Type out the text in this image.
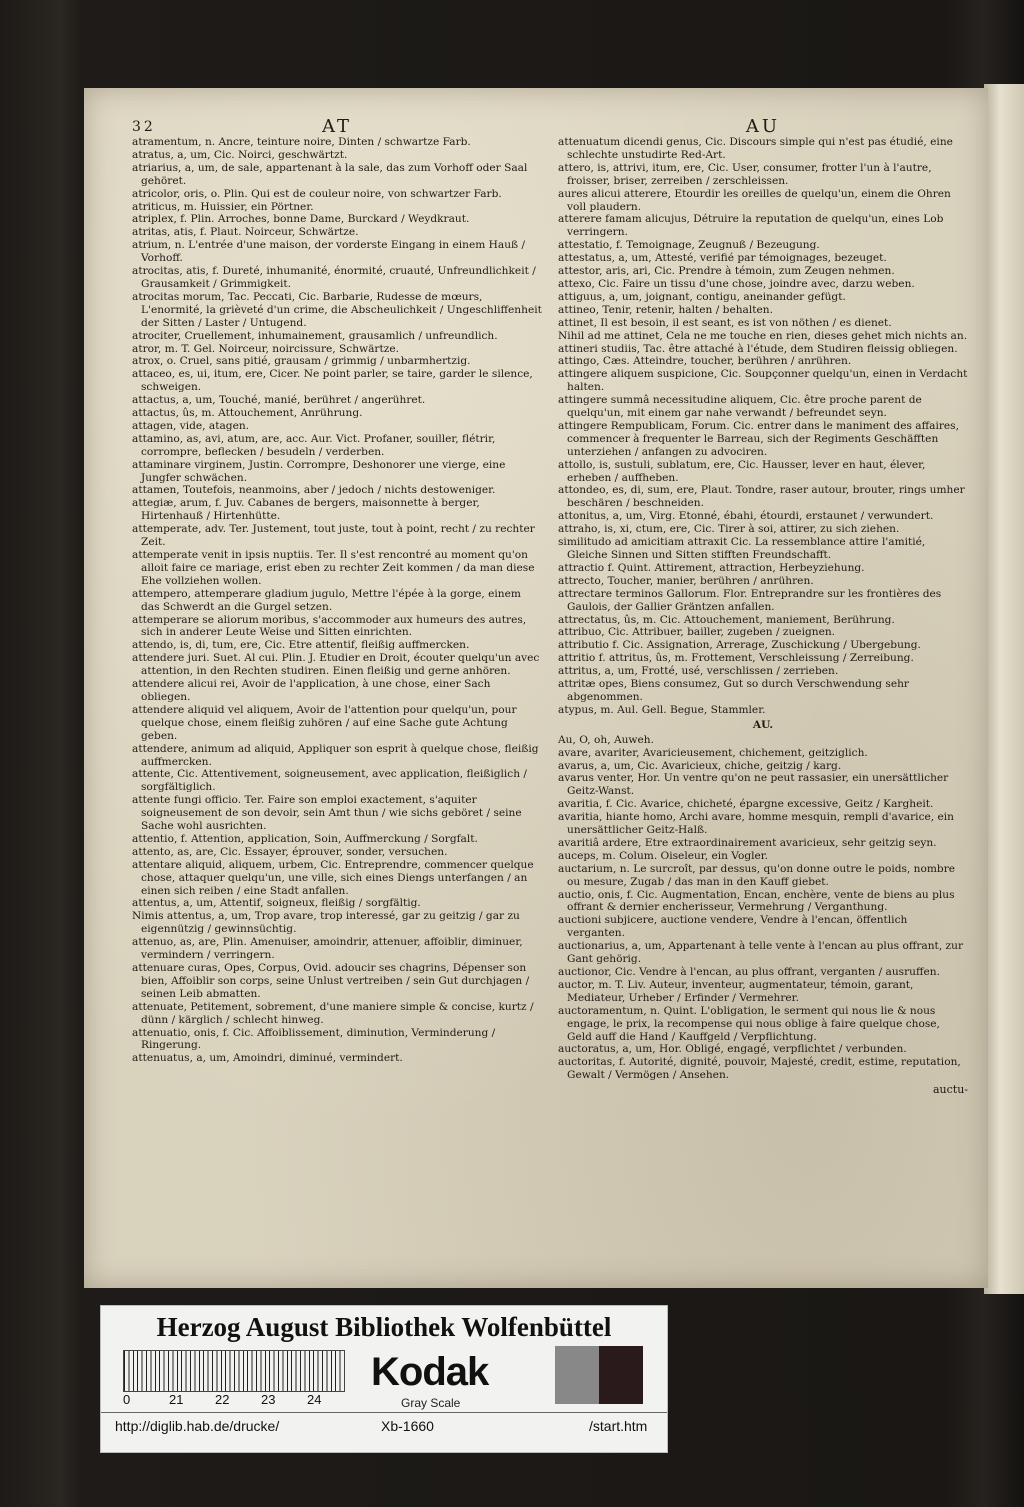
32	AT

atramentum, n. Ancre, teinture noire, Dinten / schwartze Farb.

atratus, a, um, Cic. Noirci, geschwärtzt.

atriarius, a, um, de sale, appartenant à la sale, das zum Vorhoff oder Saal gehöret.

atricolor, oris, o. Plin. Qui est de couleur noire, von schwartzer Farb.

atriticus, m. Huissier, ein Pörtner.

atriplex, f. Plin. Arroches, bonne Dame, Burckard / Weydkraut.

atritas, atis, f. Plaut. Noirceur, Schwärtze.

atrium, n. L'entrée d'une maison, der vorderste Eingang in einem Hauß / Vorhoff.

atrocitas, atis, f. Dureté, inhumanité, énormité, cruauté, Unfreundlichkeit / Grausamkeit / Grimmigkeit.

atrocitas morum, Tac. Peccati, Cic. Barbarie, Rudesse de mœurs, L'enormité, la grièveté d'un crime, die Abscheulichkeit / Ungeschliffenheit der Sitten / Laster / Untugend.

atrociter, Cruellement, inhumainement, grausamlich / unfreundlich.

atror, m. T. Gel. Noirceur, noircissure, Schwärtze.

atrox, o. Cruel, sans pitié, grausam / grimmig / unbarmhertzig.

attaceo, es, ui, itum, ere, Cicer. Ne point parler, se taire, garder le silence, schweigen.

attactus, a, um, Touché, manié, berühret / angerühret.

attactus, ûs, m. Attouchement, Anrührung.

attagen, vide, atagen.

attamino, as, avi, atum, are, acc. Aur. Vict. Profaner, souiller, flétrir, corrompre, beflecken / besudeln / verderben.

attaminare virginem, Justin. Corrompre, Deshonorer une vierge, eine Jungfer schwächen.

attamen, Toutefois, neanmoins, aber / jedoch / nichts destoweniger.

attegiæ, arum, f. Juv. Cabanes de bergers, maisonnette à berger, Hirtenhauß / Hirtenhütte.

attemperate, adv. Ter. Justement, tout juste, tout à point, recht / zu rechter Zeit.

attemperate venit in ipsis nuptiis. Ter. Il s'est rencontré au moment qu'on alloit faire ce mariage, erist eben zu rechter Zeit kommen / da man diese Ehe vollziehen wollen.

attempero, attemperare gladium jugulo, Mettre l'épée à la gorge, einem das Schwerdt an die Gurgel setzen.

attemperare se aliorum moribus, s'accommoder aux humeurs des autres, sich in anderer Leute Weise und Sitten einrichten.

attendo, is, di, tum, ere, Cic. Etre attentif, fleißig auffmercken.

attendere juri. Suet. Al cui. Plin. J. Etudier en Droit, écouter quelqu'un avec attention, in den Rechten studiren. Einen fleißig und gerne anhören.

attendere alicui rei, Avoir de l'application, à une chose, einer Sach obliegen.

attendere aliquid vel aliquem, Avoir de l'attention pour quelqu'un, pour quelque chose, einem fleißig zuhören / auf eine Sache gute Achtung geben.

attendere, animum ad aliquid, Appliquer son esprit à quelque chose, fleißig auffmercken.

attente, Cic. Attentivement, soigneusement, avec application, fleißiglich / sorgfältiglich.

attente fungi officio. Ter. Faire son emploi exactement, s'aquiter soigneusement de son devoir, sein Amt thun / wie sichs geböret / seine Sache wohl ausrichten.

attentio, f. Attention, application, Soin, Auffmerckung / Sorgfalt.

attento, as, are, Cic. Essayer, éprouver, sonder, versuchen.

attentare aliquid, aliquem, urbem, Cic. Entreprendre, commencer quelque chose, attaquer quelqu'un, une ville, sich eines Diengs unterfangen / an einen sich reiben / eine Stadt anfallen.

attentus, a, um, Attentif, soigneux, fleißig / sorgfältig.

Nimis attentus, a, um, Trop avare, trop interessé, gar zu geitzig / gar zu eigennützig / gewinnsüchtig.

attenuo, as, are, Plin. Amenuiser, amoindrir, attenuer, affoiblir, diminuer, vermindern / verringern.

attenuare curas, Opes, Corpus, Ovid. adoucir ses chagrins, Dépenser son bien, Affoiblir son corps, seine Unlust vertreiben / sein Gut durchjagen / seinen Leib abmatten.

attenuate, Petitement, sobrement, d'une maniere simple & concise, kurtz / dünn / kärglich / schlecht hinweg.

attenuatio, onis, f. Cic. Affoiblissement, diminution, Verminderung / Ringerung.

attenuatus, a, um, Amoindri, diminué, vermindert.

AU

attenuatum dicendi genus, Cic. Discours simple qui n'est pas étudié, eine schlechte unstudirte Red-Art.

attero, is, attrivi, itum, ere, Cic. User, consumer, frotter l'un à l'autre, froisser, briser, zerreiben / zerschleissen.

aures alicui atterere, Etourdir les oreilles de quelqu'un, einem die Ohren voll plaudern.

atterere famam alicujus, Détruire la reputation de quelqu'un, eines Lob verringern.

attestatio, f. Temoignage, Zeugnuß / Bezeugung.

attestatus, a, um, Attesté, verifié par témoignages, bezeuget.

attestor, aris, ari, Cic. Prendre à témoin, zum Zeugen nehmen.

attexo, Cic. Faire un tissu d'une chose, joindre avec, darzu weben.

attiguus, a, um, joignant, contigu, aneinander gefügt.

attineo, Tenir, retenir, halten / behalten.

attinet, Il est besoin, il est seant, es ist von nöthen / es dienet.

Nihil ad me attinet, Cela ne me touche en rien, dieses gehet mich nichts an.

attineri studiis, Tac. être attaché à l'étude, dem Studiren fleissig obliegen.

attingo, Cæs. Atteindre, toucher, berühren / anrühren.

attingere aliquem suspicione, Cic. Soupçonner quelqu'un, einen in Verdacht halten.

attingere summâ necessitudine aliquem, Cic. être proche parent de quelqu'un, mit einem gar nahe verwandt / befreundet seyn.

attingere Rempublicam, Forum. Cic. entrer dans le maniment des affaires, commencer à frequenter le Barreau, sich der Regiments Geschäfften unterziehen / anfangen zu advociren.

attollo, is, sustuli, sublatum, ere, Cic. Hausser, lever en haut, élever, erheben / auffheben.

attondeo, es, di, sum, ere, Plaut. Tondre, raser autour, brouter, rings umher beschären / beschneiden.

attonitus, a, um, Virg. Etonné, ébahi, étourdi, erstaunet / verwundert.

attraho, is, xi, ctum, ere, Cic. Tirer à soi, attirer, zu sich ziehen.

similitudo ad amicitiam attraxit Cic. La ressemblance attire l'amitié, Gleiche Sinnen und Sitten stifften Freundschafft.

attractio f. Quint. Attirement, attraction, Herbeyziehung.

attrecto, Toucher, manier, berühren / anrühren.

attrectare terminos Gallorum. Flor. Entreprandre sur les frontières des Gaulois, der Gallier Gräntzen anfallen.

attrectatus, ûs, m. Cic. Attouchement, maniement, Berührung.

attribuo, Cic. Attribuer, bailler, zugeben / zueignen.

attributio f. Cic. Assignation, Arrerage, Zuschickung / Ubergebung.

attritio f. attritus, ûs, m. Frottement, Verschleissung / Zerreibung.

attritus, a, um, Frotté, usé, verschlissen / zerrieben.

attritæ opes, Biens consumez, Gut so durch Verschwendung sehr abgenommen.

atypus, m. Aul. Gell. Begue, Stammler.

AU.

Au, O, oh, Auweh.

avare, avariter, Avaricieusement, chichement, geitziglich.

avarus, a, um, Cic. Avaricieux, chiche, geitzig / karg.

avarus venter, Hor. Un ventre qu'on ne peut rassasier, ein unersättlicher Geitz-Wanst.

avaritia, f. Cic. Avarice, chicheté, épargne excessive, Geitz / Kargheit.

avaritia, hiante homo, Archi avare, homme mesquin, rempli d'avarice, ein unersättlicher Geitz-Halß.

avaritiâ ardere, Etre extraordinairement avaricieux, sehr geitzig seyn.

auceps, m. Colum. Oiseleur, ein Vogler.

auctarium, n. Le surcroît, par dessus, qu'on donne outre le poids, nombre ou mesure, Zugab / das man in den Kauff giebet.

auctio, onis, f. Cic. Augmentation, Encan, enchère, vente de biens au plus offrant & dernier encherisseur, Vermehrung / Verganthung.

auctioni subjicere, auctione vendere, Vendre à l'encan, öffentlich verganten.

auctionarius, a, um, Appartenant à telle vente à l'encan au plus offrant, zur Gant gehörig.

auctionor, Cic. Vendre à l'encan, au plus offrant, verganten / ausruffen.

auctor, m. T. Liv. Auteur, inventeur, augmentateur, témoin, garant, Mediateur, Urheber / Erfinder / Vermehrer.

auctoramentum, n. Quint. L'obligation, le serment qui nous lie & nous engage, le prix, la recompense qui nous oblige à faire quelque chose, Geld auff die Hand / Kauffgeld / Verpflichtung.

auctoratus, a, um, Hor. Obligé, engagé, verpflichtet / verbunden.

auctoritas, f. Autorité, dignité, pouvoir, Majesté, credit, estime, reputation, Gewalt / Vermögen / Ansehen.

auctu-
Herzog August Bibliothek Wolfenbüttel
0	21 22 23 24
Kodak
Gray Scale
http://diglib.hab.de/drucke/	Xb-1660	/start.htm
